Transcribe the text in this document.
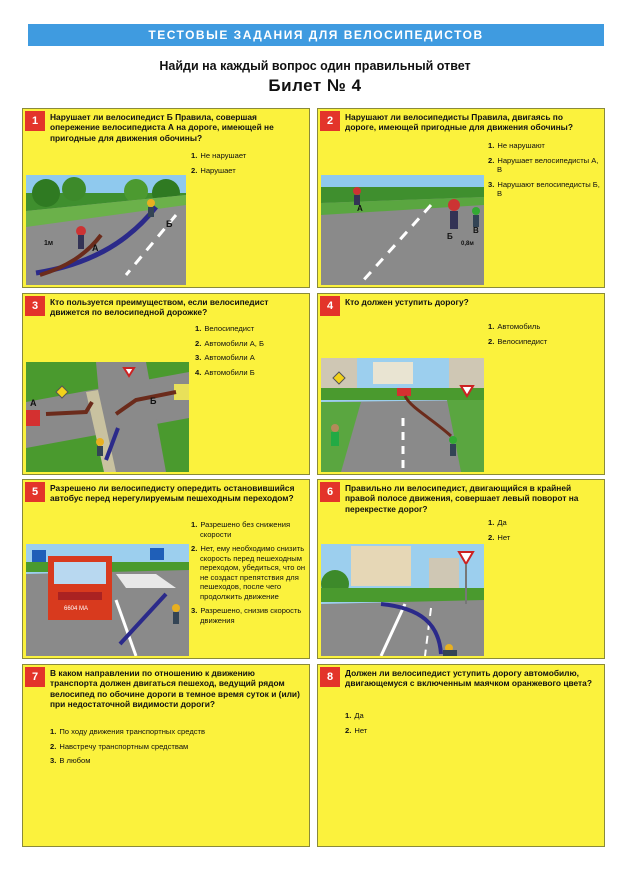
ТЕСТОВЫЕ ЗАДАНИЯ ДЛЯ ВЕЛОСИПЕДИСТОВ
Найди на каждый вопрос один правильный ответ
Билет № 4
1	Нарушает ли велосипедист Б Правила, совершая опережение велосипедиста А на дороге, имеющей не пригодные для движения обочины?
1. Не нарушает
2. Нарушает
А
Б
1м
2	Нарушают ли велосипедисты Правила, двигаясь по дороге, имеющей пригодные для движения обочины?
1. Не нарушают
2. Нарушает велосипедисты А, В
3. Нарушают велосипедисты Б, В
А
Б
В
0,8м
3	Кто пользуется преимуществом, если велосипедист движется по велосипедной дорожке?
1. Велосипедист
2. Автомобили А, Б
3. Автомобили А
4. Автомобили Б
А	Б
4	Кто должен уступить дорогу?
1. Автомобиль
2. Велосипедист
5	Разрешено ли велосипедисту опередить остановившийся автобус перед нерегулируемым пешеходным переходом?
1. Разрешено без снижения скорости
2. Нет, ему необходимо снизить скорость перед пешеходным переходом, убедиться, что он не создаст препятствия для пешеходов, после чего продолжить движение
3. Разрешено, снизив скорость движения
6604 МА
6	Правильно ли велосипедист, двигающийся в крайней правой полосе движения, совершает левый поворот на перекрестке дорог?
1. Да
2. Нет
7	В каком направлении по отношению к движению транспорта должен двигаться пешеход, ведущий рядом велосипед по обочине дороги в темное время суток и (или) при недостаточной видимости дороги?
1. По ходу движения транспортных средств
2. Навстречу транспортным средствам
3. В любом
8	Должен ли велосипедист уступить дорогу автомобилю, двигающемуся с включенным маячком оранжевого цвета?
1. Да
2. Нет
